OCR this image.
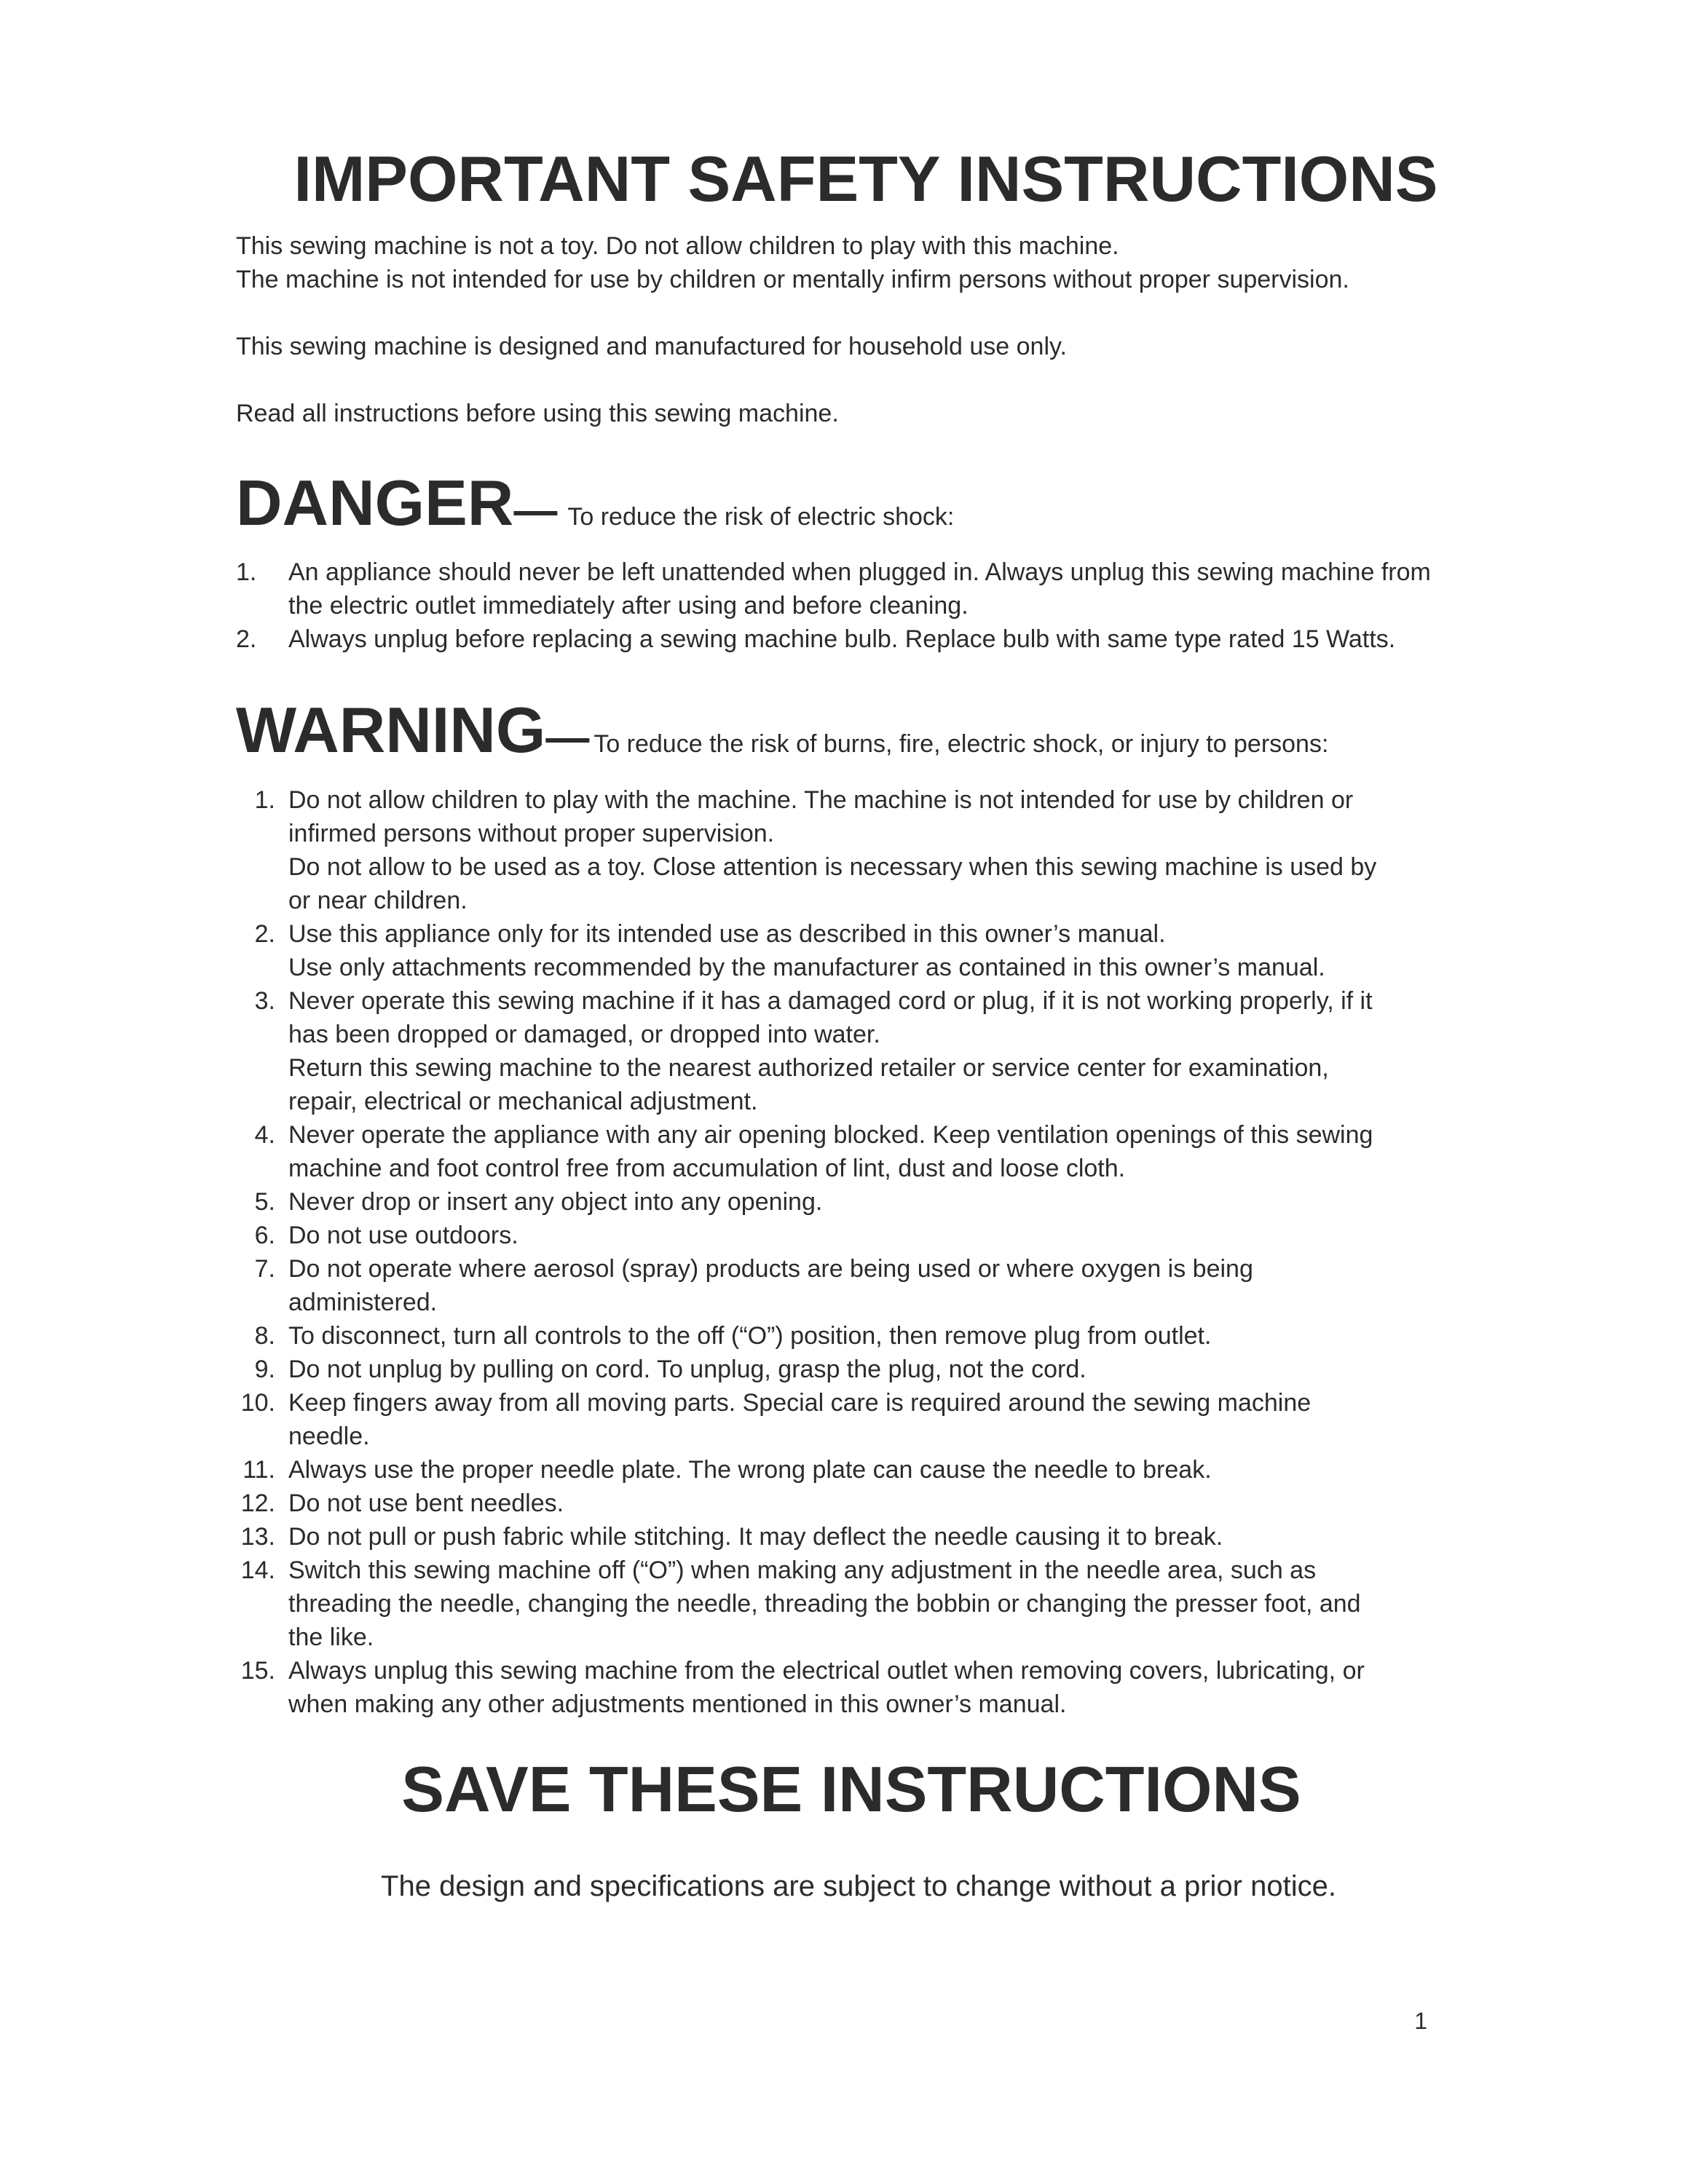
IMPORTANT SAFETY INSTRUCTIONS

This sewing machine is not a toy. Do not allow children to play with this machine.

The machine is not intended for use by children or mentally infirm persons without proper supervision.

This sewing machine is designed and manufactured for household use only.

Read all instructions before using this sewing machine.

DANGER— To reduce the risk of electric shock:
1.	An appliance should never be left unattended when plugged in. Always unplug this sewing machine from
the electric outlet immediately after using and before cleaning.
2.	Always unplug before replacing a sewing machine bulb. Replace bulb with same type rated 15 Watts.
WARNING— To reduce the risk of burns, fire, electric shock, or injury to persons:
1. Do not allow children to play with the machine. The machine is not intended for use by children or
infirmed persons without proper supervision.
Do not allow to be used as a toy. Close attention is necessary when this sewing machine is used by
or near children.
2. Use this appliance only for its intended use as described in this owner’s manual.
Use only attachments recommended by the manufacturer as contained in this owner’s manual.
3. Never operate this sewing machine if it has a damaged cord or plug, if it is not working properly, if it
has been dropped or damaged, or dropped into water.
Return this sewing machine to the nearest authorized retailer or service center for examination,
repair, electrical or mechanical adjustment.
4. Never operate the appliance with any air opening blocked. Keep ventilation openings of this sewing
machine and foot control free from accumulation of lint, dust and loose cloth.
5. Never drop or insert any object into any opening.
6. Do not use outdoors.
7. Do not operate where aerosol (spray) products are being used or where oxygen is being
administered.
8. To disconnect, turn all controls to the off (“O”) position, then remove plug from outlet.
9. Do not unplug by pulling on cord. To unplug, grasp the plug, not the cord.
10. Keep fingers away from all moving parts. Special care is required around the sewing machine
needle.
11. Always use the proper needle plate. The wrong plate can cause the needle to break.
12. Do not use bent needles.
13. Do not pull or push fabric while stitching. It may deflect the needle causing it to break.
14. Switch this sewing machine off (“O”) when making any adjustment in the needle area, such as
threading the needle, changing the needle, threading the bobbin or changing the presser foot, and
the like.
15. Always unplug this sewing machine from the electrical outlet when removing covers, lubricating, or
when making any other adjustments mentioned in this owner’s manual.
SAVE THESE INSTRUCTIONS
The design and specifications are subject to change without a prior notice.
1
